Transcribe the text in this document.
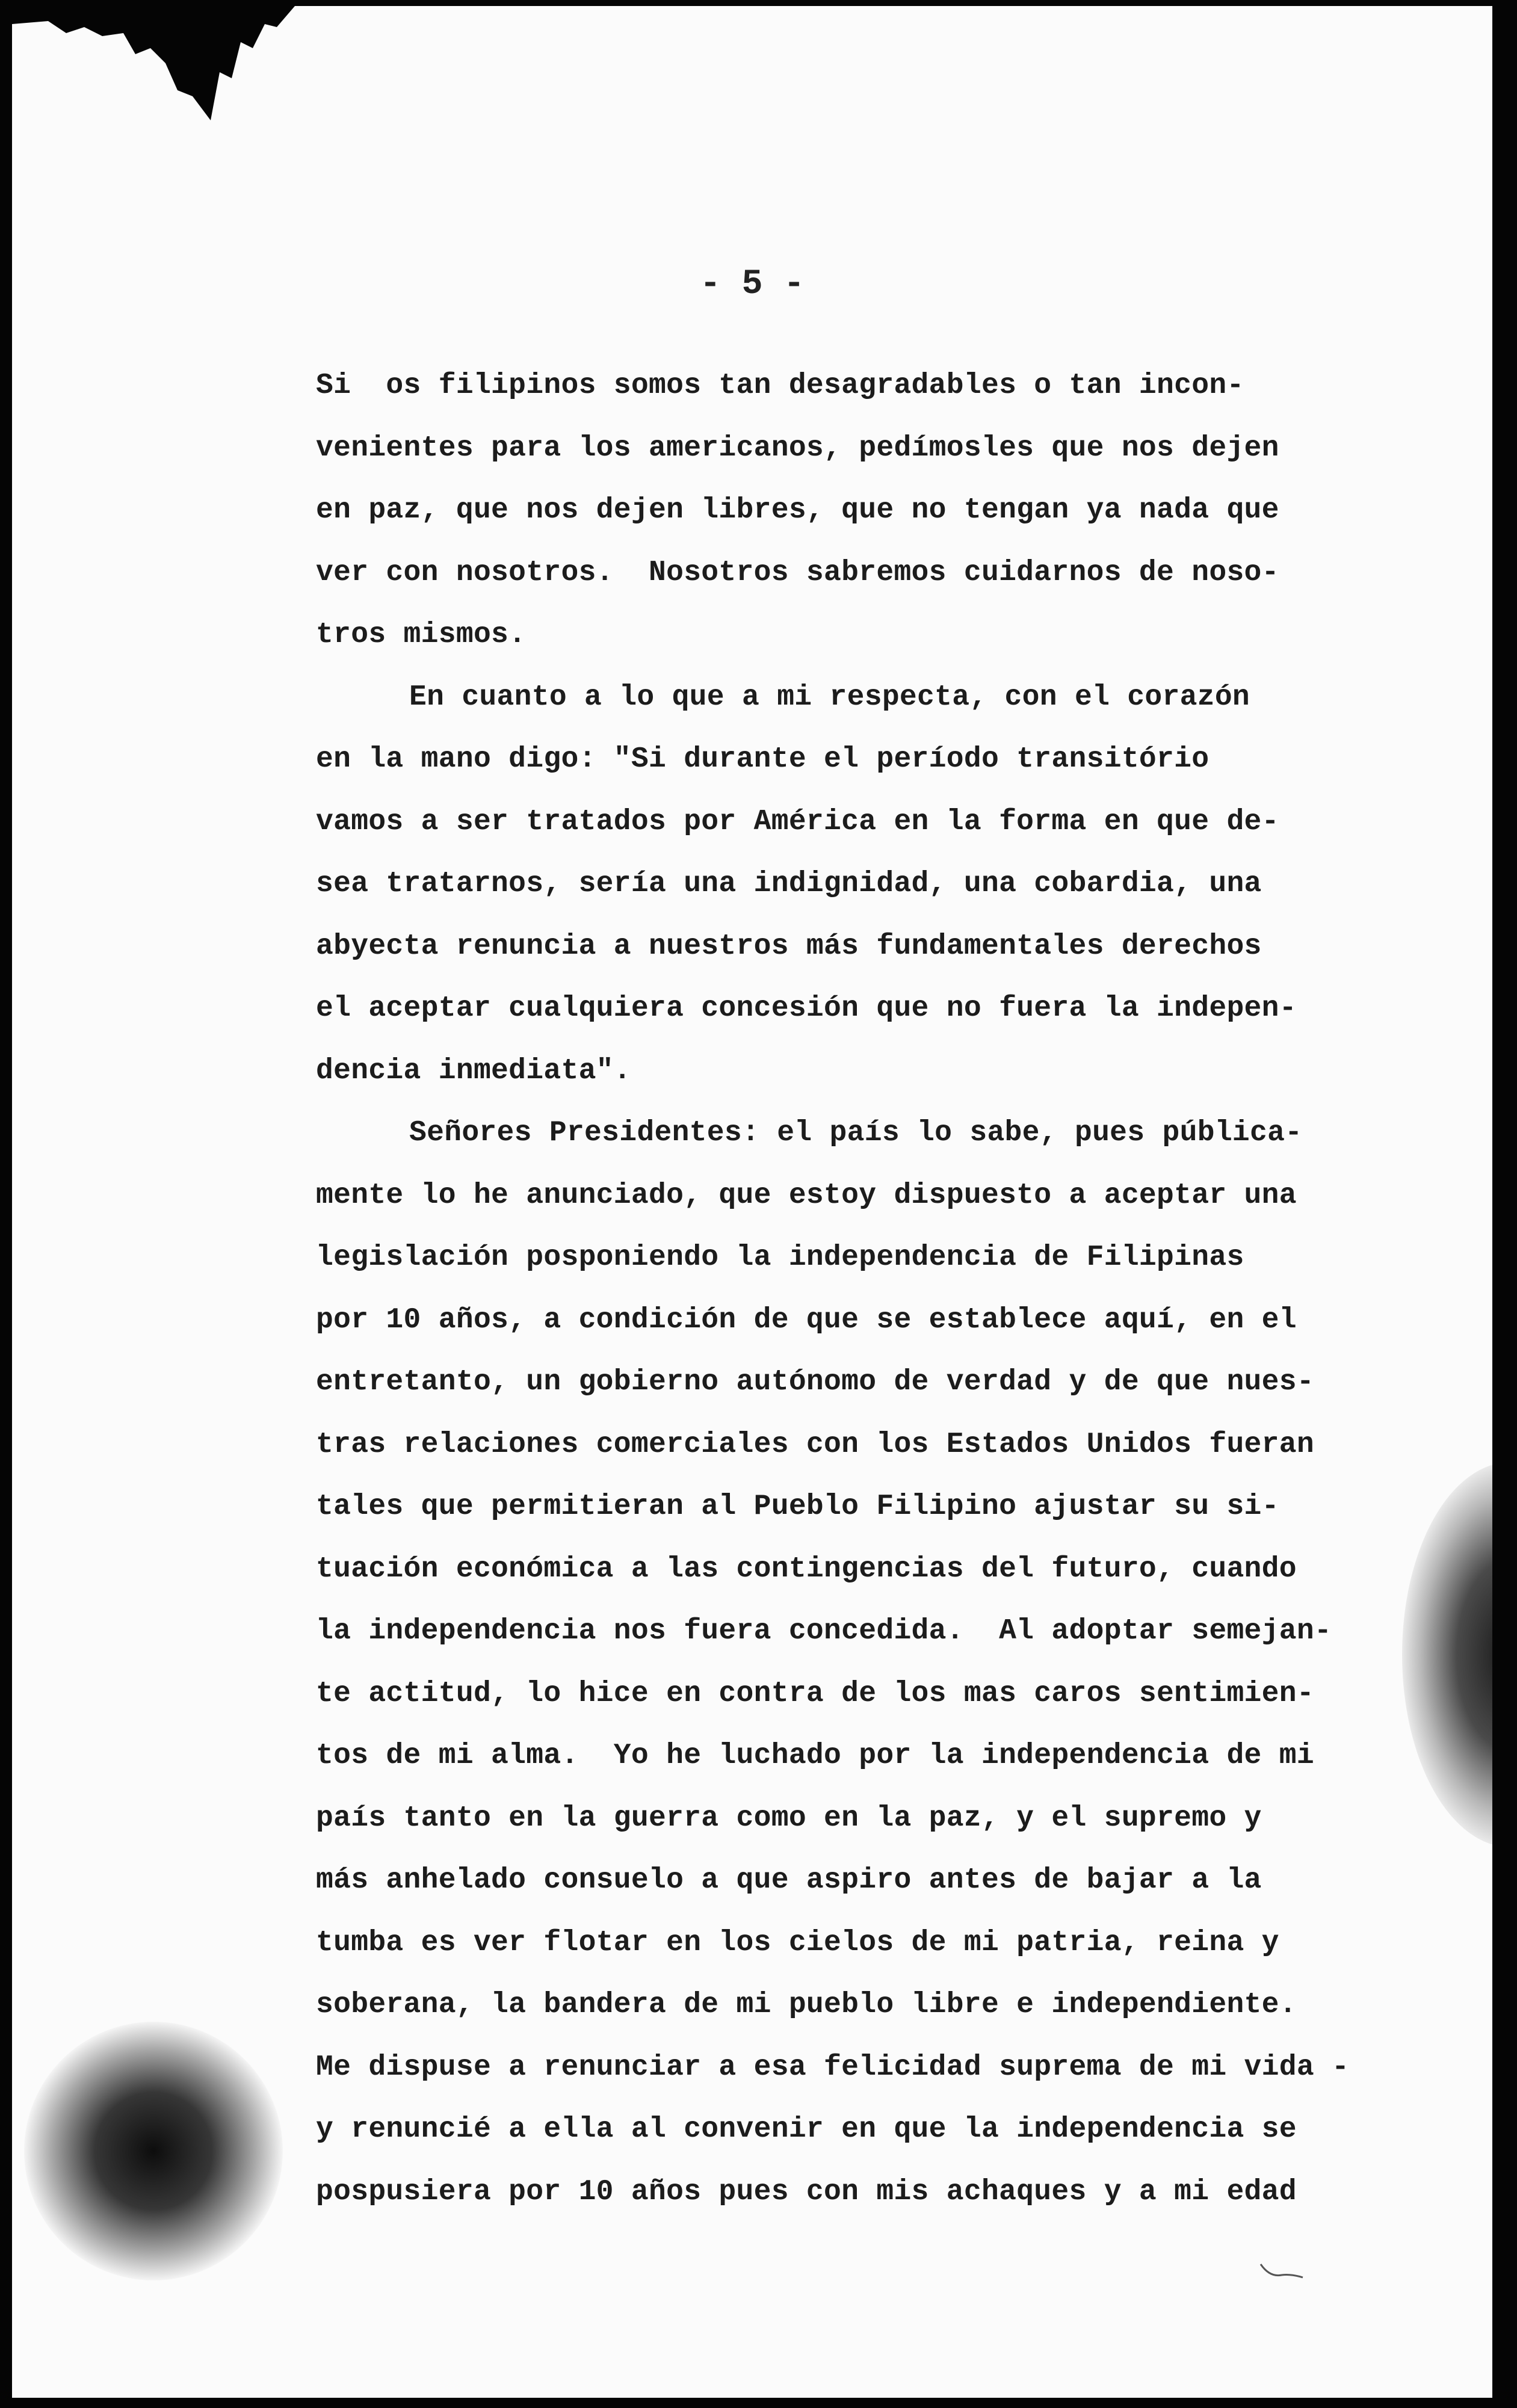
- 5 -
Si  os filipinos somos tan desagradables o tan incon-
venientes para los americanos, pedímosles que nos dejen
en paz, que nos dejen libres, que no tengan ya nada que
ver con nosotros.  Nosotros sabremos cuidarnos de noso-
tros mismos.
En cuanto a lo que a mi respecta, con el corazón
en la mano digo: "Si durante el período transitório
vamos a ser tratados por América en la forma en que de-
sea tratarnos, sería una indignidad, una cobardia, una
abyecta renuncia a nuestros más fundamentales derechos
el aceptar cualquiera concesión que no fuera la indepen-
dencia inmediata".
Señores Presidentes: el país lo sabe, pues pública-
mente lo he anunciado, que estoy dispuesto a aceptar una
legislación posponiendo la independencia de Filipinas
por 10 años, a condición de que se establece aquí, en el
entretanto, un gobierno autónomo de verdad y de que nues-
tras relaciones comerciales con los Estados Unidos fueran
tales que permitieran al Pueblo Filipino ajustar su si-
tuación económica a las contingencias del futuro, cuando
la independencia nos fuera concedida.  Al adoptar semejan-
te actitud, lo hice en contra de los mas caros sentimien-
tos de mi alma.  Yo he luchado por la independencia de mi
país tanto en la guerra como en la paz, y el supremo y
más anhelado consuelo a que aspiro antes de bajar a la
tumba es ver flotar en los cielos de mi patria, reina y
soberana, la bandera de mi pueblo libre e independiente.
Me dispuse a renunciar a esa felicidad suprema de mi vida -
y renuncié a ella al convenir en que la independencia se
pospusiera por 10 años pues con mis achaques y a mi edad
